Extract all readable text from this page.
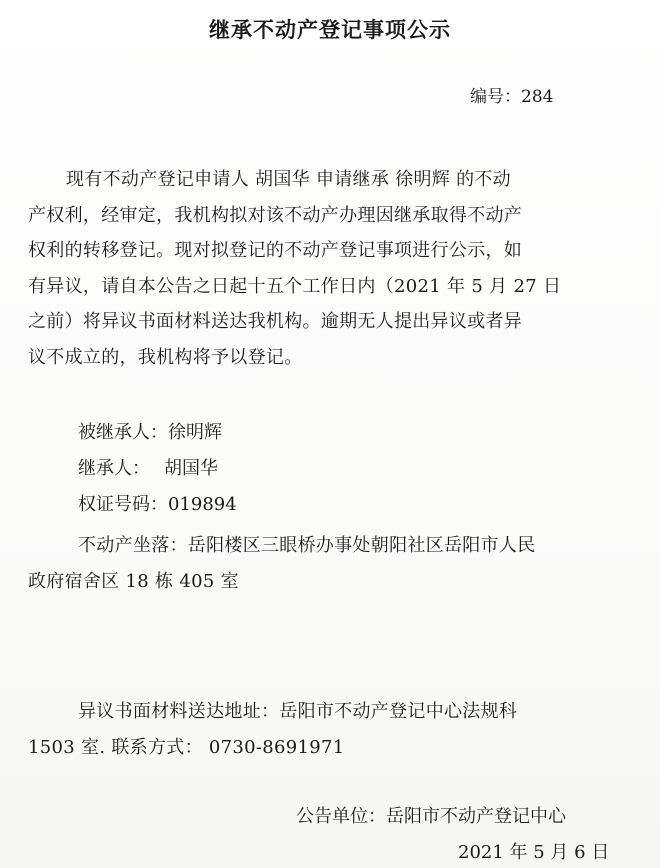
继承不动产登记事项公示
编号：284
现有不动产登记申请人 胡国华 申请继承 徐明辉 的不动
产权利，经审定，我机构拟对该不动产办理因继承取得不动产
权利的转移登记。现对拟登记的不动产登记事项进行公示，如
有异议，请自本公告之日起十五个工作日内（2021 年 5 月 27 日
之前）将异议书面材料送达我机构。逾期无人提出异议或者异
议不成立的，我机构将予以登记。
被继承人：徐明辉
继承人： 胡国华
权证号码：019894
不动产坐落：岳阳楼区三眼桥办事处朝阳社区岳阳市人民
政府宿舍区 18 栋 405 室
异议书面材料送达地址：岳阳市不动产登记中心法规科
1503 室. 联系方式： 0730-8691971
公告单位：岳阳市不动产登记中心
2021 年 5 月 6 日
